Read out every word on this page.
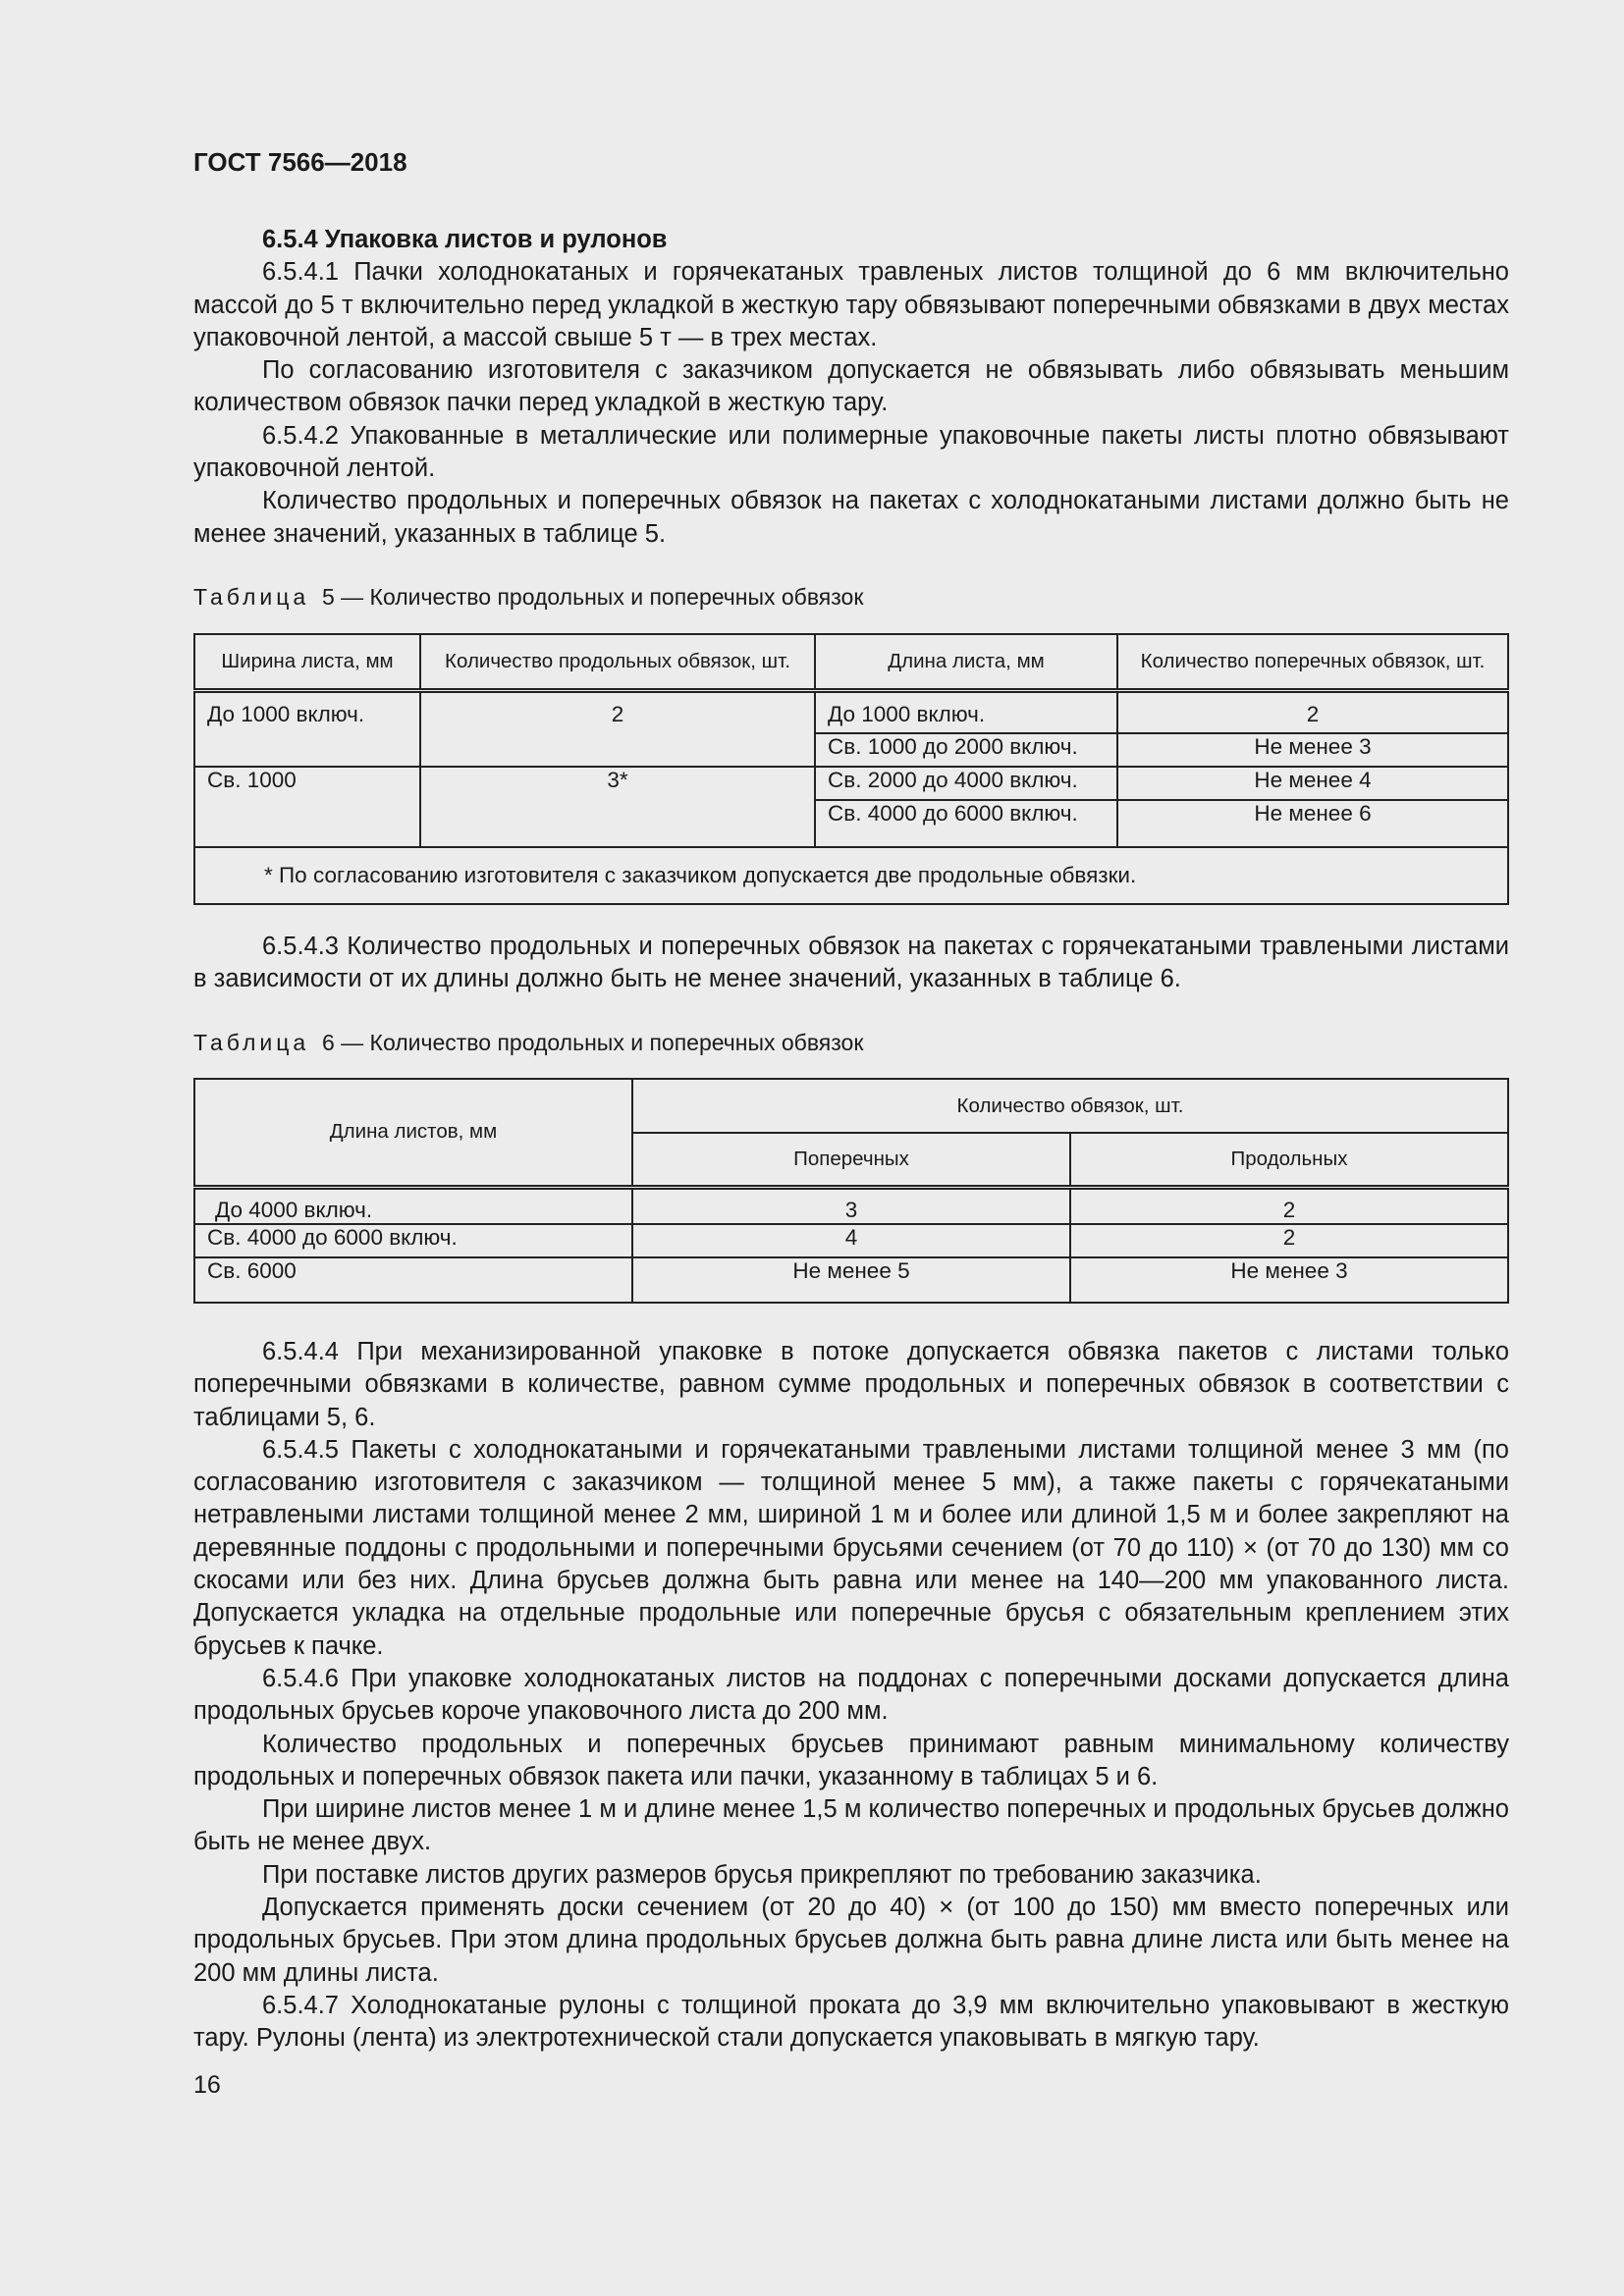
ГОСТ 7566—2018

6.5.4 Упаковка листов и рулонов

6.5.4.1 Пачки холоднокатаных и горячекатаных травленых листов толщиной до 6 мм включительно массой до 5 т включительно перед укладкой в жесткую тару обвязывают поперечными обвязками в двух местах упаковочной лентой, а массой свыше 5 т — в трех местах.

По согласованию изготовителя с заказчиком допускается не обвязывать либо обвязывать меньшим количеством обвязок пачки перед укладкой в жесткую тару.

6.5.4.2 Упакованные в металлические или полимерные упаковочные пакеты листы плотно обвязывают упаковочной лентой.

Количество продольных и поперечных обвязок на пакетах с холоднокатаными листами должно быть не менее значений, указанных в таблице 5.

Таблица 5 — Количество продольных и поперечных обвязок
Ширина листа, мм	Количество продольных обвязок, шт.	Длина листа, мм	Количество поперечных обвязок, шт.
До 1000 включ.	2	До 1000 включ.	2
		Св. 1000 до 2000 включ.	Не менее 3
Св. 1000	3*	Св. 2000 до 4000 включ.	Не менее 4
		Св. 4000 до 6000 включ.	Не менее 6
* По согласованию изготовителя с заказчиком допускается две продольные обвязки.			

6.5.4.3 Количество продольных и поперечных обвязок на пакетах с горячекатаными травлеными листами в зависимости от их длины должно быть не менее значений, указанных в таблице 6.

Таблица 6 — Количество продольных и поперечных обвязок
Длина листов, мм	Количество обвязок, шт.	
	Поперечных	Продольных
До 4000 включ.	3	2
Св. 4000 до 6000 включ.	4	2
Св. 6000	Не менее 5	Не менее 3

6.5.4.4 При механизированной упаковке в потоке допускается обвязка пакетов с листами только поперечными обвязками в количестве, равном сумме продольных и поперечных обвязок в соответствии с таблицами 5, 6.

6.5.4.5 Пакеты с холоднокатаными и горячекатаными травлеными листами толщиной менее 3 мм (по согласованию изготовителя с заказчиком — толщиной менее 5 мм), а также пакеты с горячекатаными нетравлеными листами толщиной менее 2 мм, шириной 1 м и более или длиной 1,5 м и более закрепляют на деревянные поддоны с продольными и поперечными брусьями сечением (от 70 до 110) × (от 70 до 130) мм со скосами или без них. Длина брусьев должна быть равна или менее на 140—200 мм упакованного листа. Допускается укладка на отдельные продольные или поперечные брусья с обязательным креплением этих брусьев к пачке.

6.5.4.6 При упаковке холоднокатаных листов на поддонах с поперечными досками допускается длина продольных брусьев короче упаковочного листа до 200 мм.

Количество продольных и поперечных брусьев принимают равным минимальному количеству продольных и поперечных обвязок пакета или пачки, указанному в таблицах 5 и 6.

При ширине листов менее 1 м и длине менее 1,5 м количество поперечных и продольных брусьев должно быть не менее двух.

При поставке листов других размеров брусья прикрепляют по требованию заказчика.

Допускается применять доски сечением (от 20 до 40) × (от 100 до 150) мм вместо поперечных или продольных брусьев. При этом длина продольных брусьев должна быть равна длине листа или быть менее на 200 мм длины листа.

6.5.4.7 Холоднокатаные рулоны с толщиной проката до 3,9 мм включительно упаковывают в жесткую тару. Рулоны (лента) из электротехнической стали допускается упаковывать в мягкую тару.

16
